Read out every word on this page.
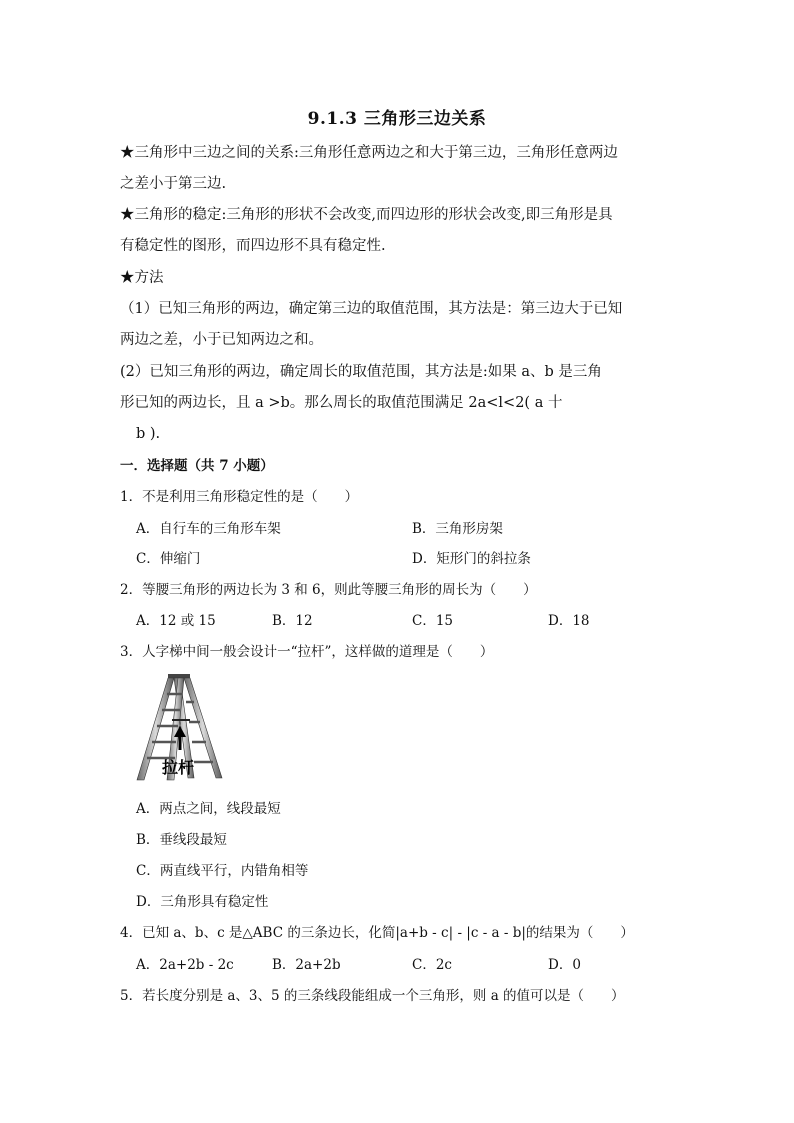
9.1.3 三角形三边关系
★三角形中三边之间的关系:三角形任意两边之和大于第三边，三角形任意两边
之差小于第三边.
★三角形的稳定:三角形的形状不会改变,而四边形的形状会改变,即三角形是具
有稳定性的图形，而四边形不具有稳定性.
★方法
（1）已知三角形的两边，确定第三边的取值范围，其方法是：第三边大于已知
两边之差，小于已知两边之和。
(2）已知三角形的两边，确定周长的取值范围，其方法是:如果 a、b 是三角
形已知的两边长，且 a >b。那么周长的取值范围满足 2a<l<2( a 十
b ).
一．选择题（共 7 小题）
1．不是利用三角形稳定性的是（　　）
A．自行车的三角形车架	B．三角形房架
C．伸缩门	D．矩形门的斜拉条
2．等腰三角形的两边长为 3 和 6，则此等腰三角形的周长为（　　）
A．12 或 15	B．12	C．15	D．18
3．人字梯中间一般会设计一“拉杆”，这样做的道理是（　　）
拉杆
A．两点之间，线段最短
B．垂线段最短
C．两直线平行，内错角相等
D．三角形具有稳定性
4．已知 a、b、c 是△ABC 的三条边长，化简|a+b - c| - |c - a - b|的结果为（　　）
A．2a+2b - 2c	B．2a+2b	C．2c	D．0
5．若长度分别是 a、3、5 的三条线段能组成一个三角形，则 a 的值可以是（　　）
